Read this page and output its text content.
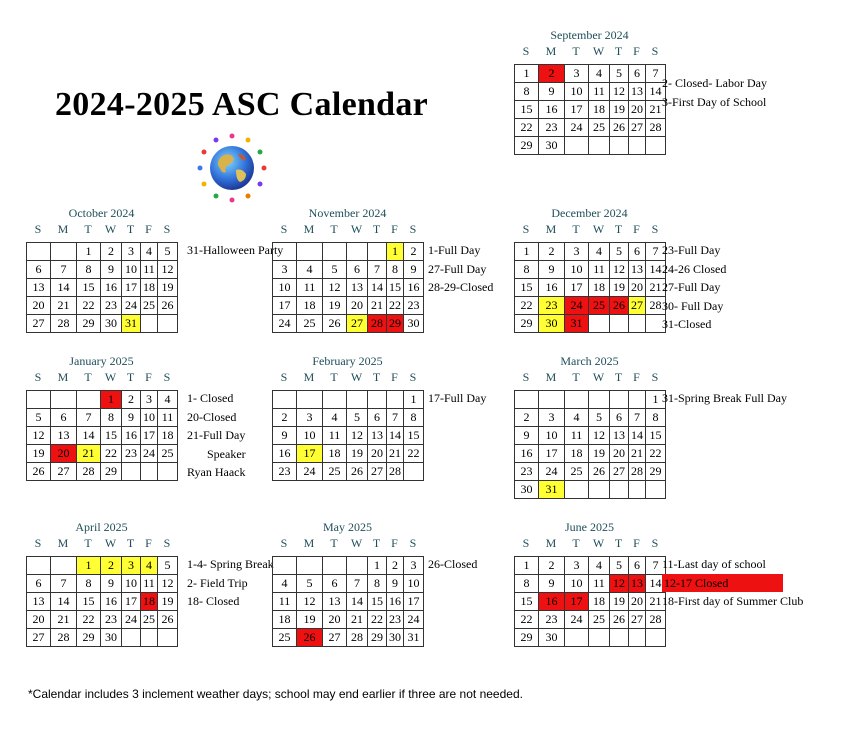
2024-2025 ASC Calendar
September 2024
S	M	T	W T F S
1	2	3	4	5	6	7
8	9	10	11	12	13	14
15	16	17	18	19	20	21
22	23	24	25	26	27	28
29	30					
2- Closed- Labor Day
3-First Day of School
October 2024
S	M	T	W T F S
		1	2	3	4	5
6	7	8	9	10	11	12
13	14	15	16	17	18	19
20	21	22	23	24	25	26
27	28	29	30	31		
31-Halloween Party
November 2024
S	M	T	W T F S
					1	2
3	4	5	6	7	8	9
10	11	12	13	14	15	16
17	18	19	20	21	22	23
24	25	26	27	28	29	30
1-Full Day
27-Full Day
28-29-Closed
December 2024
S	M	T	W T F S
1	2	3	4	5	6	7
8	9	10	11	12	13	14
15	16	17	18	19	20	21
22	23	24	25	26	27	28
29	30	31				
23-Full Day
24-26 Closed
27-Full Day
30- Full Day
31-Closed
January 2025
S	M	T	W T F S
			1	2	3	4
5	6	7	8	9	10	11
12	13	14	15	16	17	18
19	20	21	22	23	24	25
26	27	28	29			
1- Closed
20-Closed
21-Full Day
Speaker
Ryan Haack
February 2025
S	M	T	W T F S
						1
2	3	4	5	6	7	8
9	10	11	12	13	14	15
16	17	18	19	20	21	22
23	24	25	26	27	28	
17-Full Day
March 2025
S	M	T	W T F S
						1
2	3	4	5	6	7	8
9	10	11	12	13	14	15
16	17	18	19	20	21	22
23	24	25	26	27	28	29
30	31					
31-Spring Break Full Day
April 2025
S	M	T	W T F S
		1	2	3	4	5
6	7	8	9	10	11	12
13	14	15	16	17	18	19
20	21	22	23	24	25	26
27	28	29	30			
1-4- Spring Break
2- Field Trip
18- Closed
May 2025
S	M	T	W T F S
				1	2	3
4	5	6	7	8	9	10
11	12	13	14	15	16	17
18	19	20	21	22	23	24
25	26	27	28	29	30	31
26-Closed
June 2025
S	M	T	W T F S
1	2	3	4	5	6	7
8	9	10	11	12	13	14
15	16	17	18	19	20	21
22	23	24	25	26	27	28
29	30					
11-Last day of school
12-17 Closed
18-First day of Summer Club
*Calendar includes 3 inclement weather days; school may end earlier if three are not needed.
